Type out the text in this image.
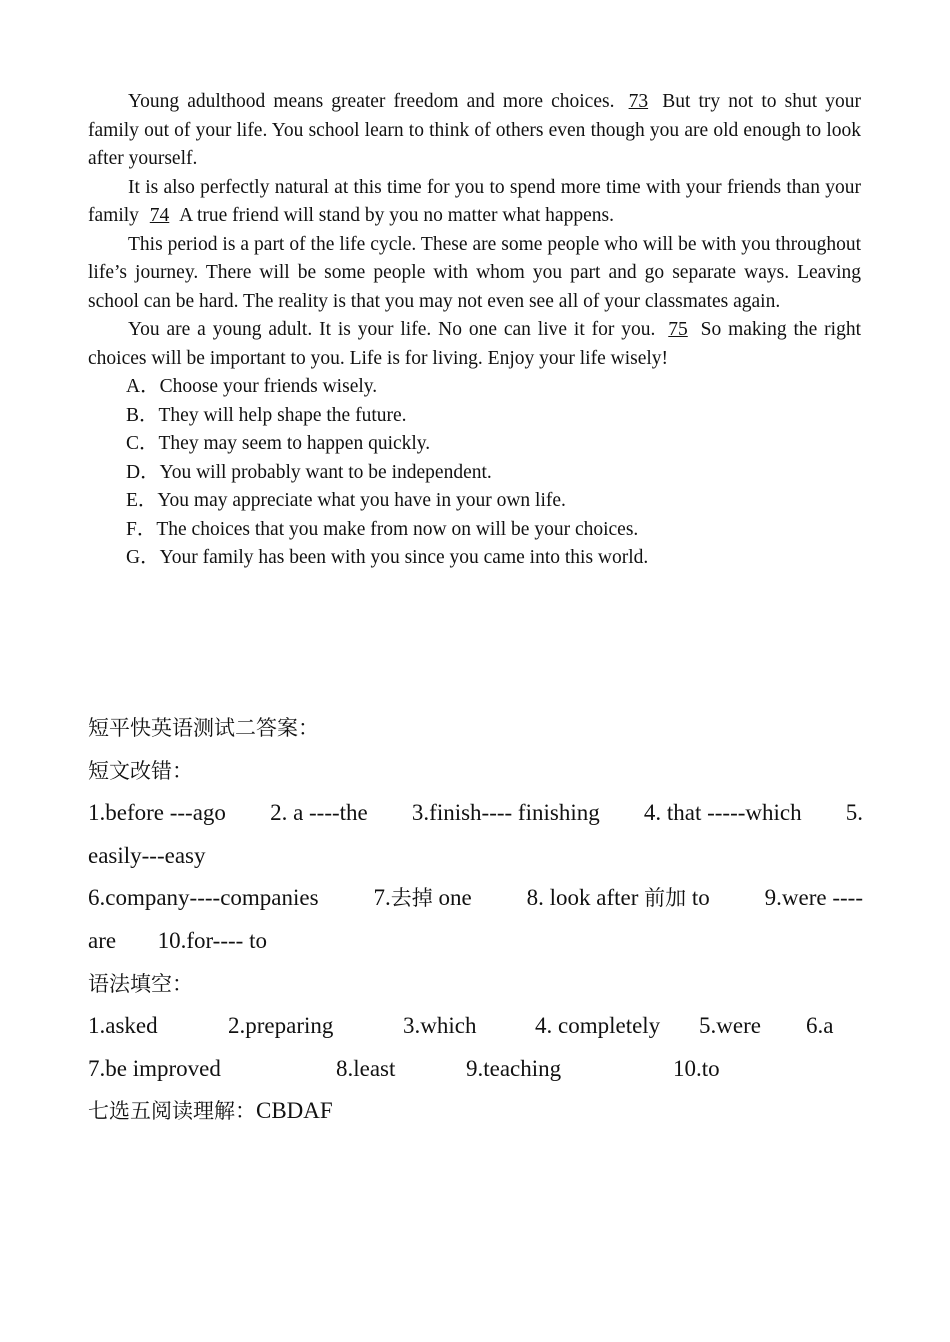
Young adulthood means greater freedom and more choices. 73 But try not to shut your family out of your life. You school learn to think of others even though you are old enough to look after yourself.

It is also perfectly natural at this time for you to spend more time with your friends than your family 74 A true friend will stand by you no matter what happens.

This period is a part of the life cycle. These are some people who will be with you throughout life’s journey. There will be some people with whom you part and go separate ways. Leaving school can be hard. The reality is that you may not even see all of your classmates again.

You are a young adult. It is your life. No one can live it for you. 75 So making the right choices will be important to you. Life is for living. Enjoy your life wisely!

A．Choose your friends wisely.
B．They will help shape the future.
C．They may seem to happen quickly.
D．You will probably want to be independent.
E．You may appreciate what you have in your own life.
F．The choices that you make from now on will be your choices.
G．Your family has been with you since you came into this world.

短平快英语测试二答案：

短文改错：

1.before ---ago 2. a ----the 3.finish---- finishing 4. that -----which 5.

easily---easy

6.company----companies 7.去掉 one 8. look after 前加 to 9.were ----
are 10.for---- to

语法填空：

1.asked	2.preparing	3.which	4. completely	5.were	6.a
7.be improved	8.least	9.teaching	10.to
七选五阅读理解：CBDAF
